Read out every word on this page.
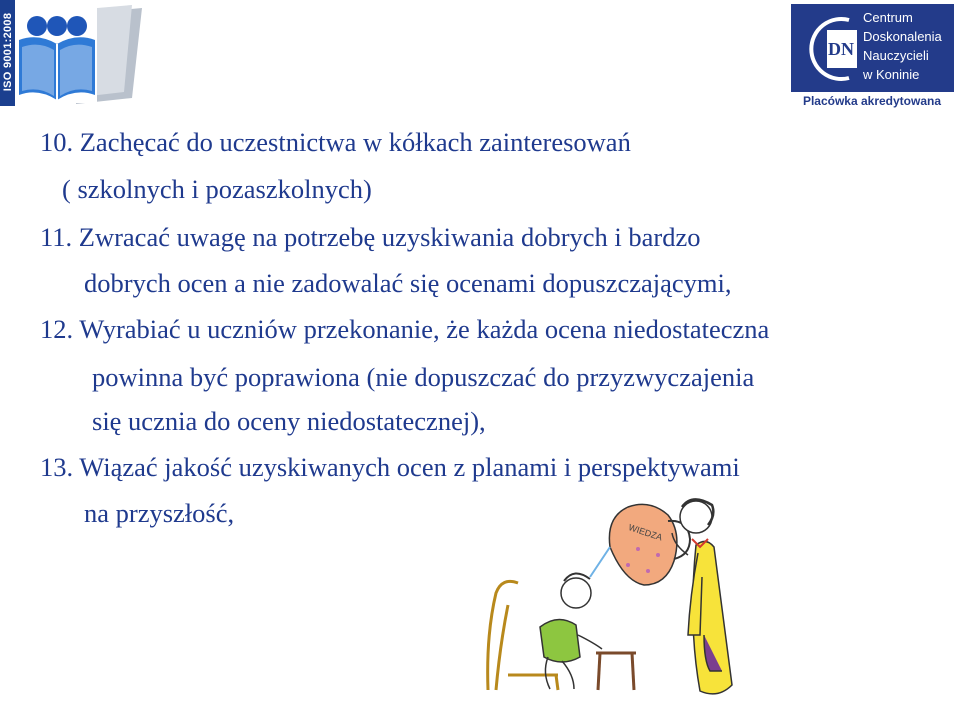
ISO 9001:2008	DN
Centrum
Doskonalenia
Nauczycieli
w Koninie
Placówka akredytowana
10. Zachęcać do uczestnictwa w kółkach zainteresowań
( szkolnych i pozaszkolnych)
11. Zwracać uwagę na potrzebę uzyskiwania dobrych i bardzo
dobrych ocen a nie zadowalać się ocenami dopuszczającymi,
12. Wyrabiać u uczniów przekonanie, że każda ocena niedostateczna
powinna być poprawiona (nie dopuszczać do przyzwyczajenia
się ucznia do oceny niedostatecznej),
13. Wiązać jakość uzyskiwanych ocen z planami i perspektywami
na przyszłość,
WIEDZA
